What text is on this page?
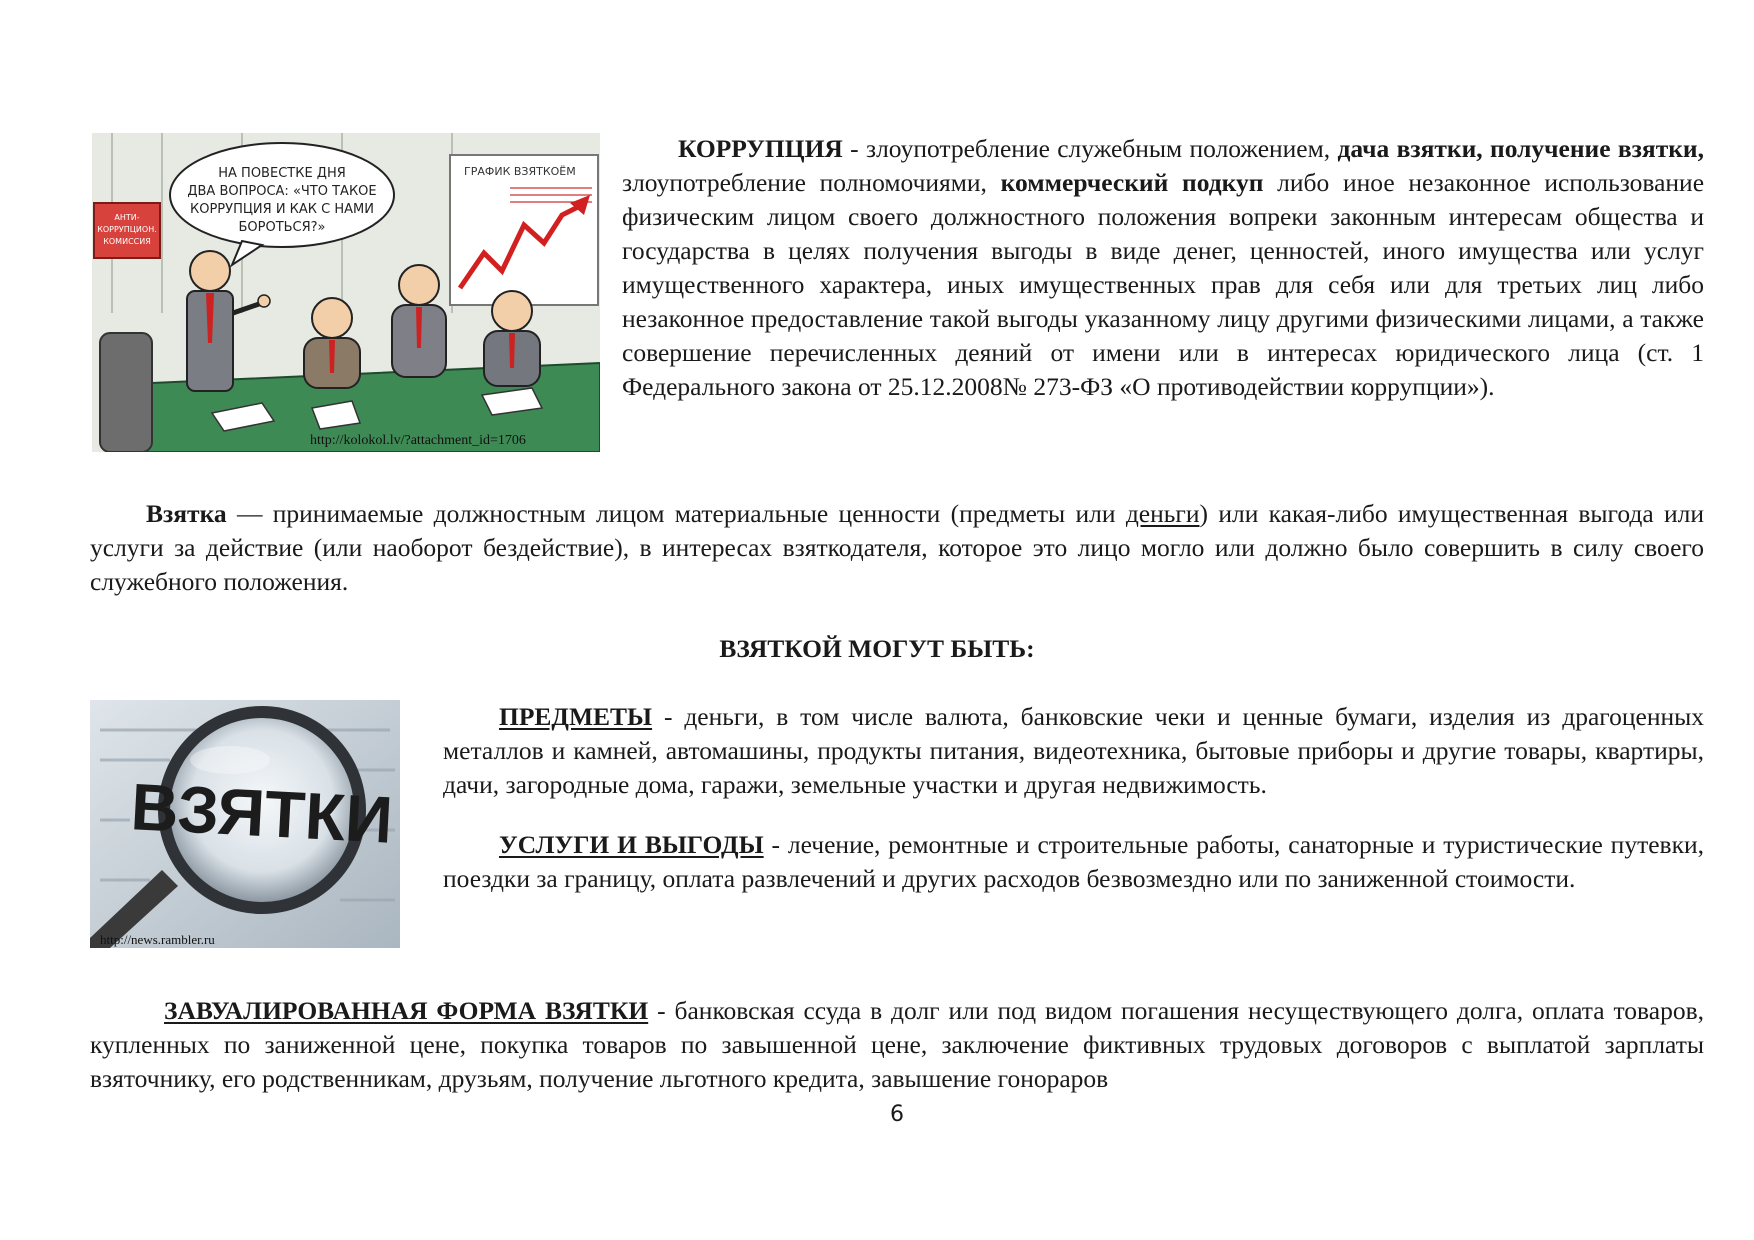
АНТИ-
КОРРУПЦИОН.
КОМИССИЯ
ГРАФИК ВЗЯТКОЁМ
НА ПОВЕСТКЕ ДНЯ
ДВА ВОПРОСА: «ЧТО ТАКОЕ
КОРРУПЦИЯ И КАК С НАМИ
БОРОТЬСЯ?»
http://kolokol.lv/?attachment_id=1706

КОРРУПЦИЯ - злоупотребление служебным положением, дача взятки, получение взятки, злоупотребление полномочиями, коммерческий подкуп либо иное незаконное использование физическим лицом своего должностного положения вопреки законным интересам общества и государства в целях получения выгоды в виде денег, ценностей, иного имущества или услуг имущественного характера, иных имущественных прав для себя или для третьих лиц либо незаконное предоставление такой выгоды указанному лицу другими физическими лицами, а также совершение перечисленных деяний от имени или в интересах юридического лица (ст. 1 Федерального закона от 25.12.2008№ 273-ФЗ «О противодействии коррупции»).

Взятка — принимаемые должностным лицом материальные ценности (предметы или деньги) или какая-либо имущественная выгода или услуги за действие (или наоборот бездействие), в интересах взяткодателя, которое это лицо могло или должно было совершить в силу своего служебного положения.

ВЗЯТКОЙ МОГУТ БЫТЬ:
ВЗЯТКИ
http://news.rambler.ru

ПРЕДМЕТЫ - деньги, в том числе валюта, банковские чеки и ценные бумаги, изделия из драгоценных металлов и камней, автомашины, продукты питания, видеотехника, бытовые приборы и другие товары, квартиры, дачи, загородные дома, гаражи, земельные участки и другая недвижимость.

УСЛУГИ И ВЫГОДЫ - лечение, ремонтные и строительные работы, санаторные и туристические путевки, поездки за границу, оплата развлечений и других расходов безвозмездно или по заниженной стоимости.

ЗАВУАЛИРОВАННАЯ ФОРМА ВЗЯТКИ - банковская ссуда в долг или под видом погашения несуществующего долга, оплата товаров, купленных по заниженной цене, покупка товаров по завышенной цене, заключение фиктивных трудовых договоров с выплатой зарплаты взяточнику, его родственникам, друзьям, получение льготного кредита, завышение гонораров

6
